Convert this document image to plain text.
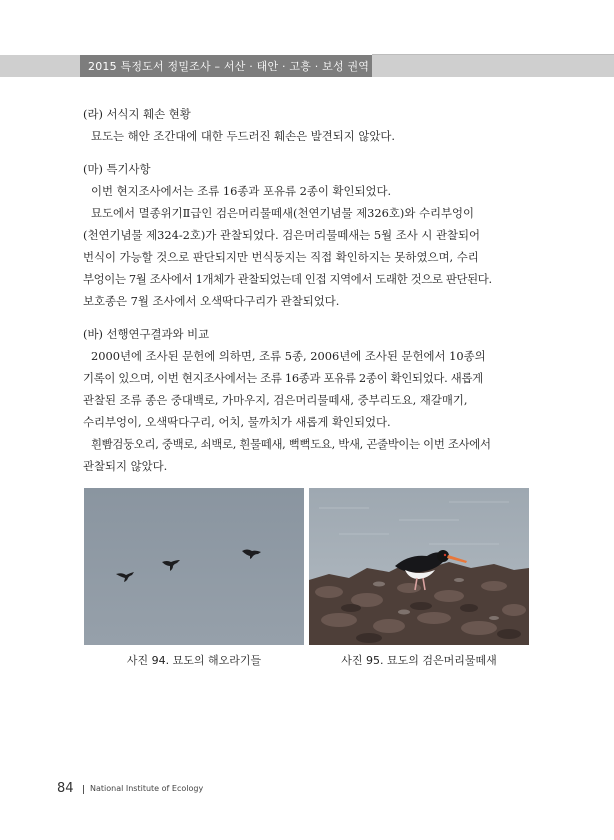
2015 특정도서 정밀조사 – 서산 · 태안 · 고흥 · 보성 권역
(라) 서식지 훼손 현황
묘도는 해안 조간대에 대한 두드러진 훼손은 발견되지 않았다.
(마) 특기사항
이번 현지조사에서는 조류 16종과 포유류 2종이 확인되었다.
묘도에서 멸종위기Ⅱ급인 검은머리물떼새(천연기념물 제326호)와 수리부엉이
(천연기념물 제324-2호)가 관찰되었다. 검은머리물떼새는 5월 조사 시 관찰되어
번식이 가능할 것으로 판단되지만 번식둥지는 직접 확인하지는 못하였으며, 수리
부엉이는 7월 조사에서 1개체가 관찰되었는데 인접 지역에서 도래한 것으로 판단된다.
보호종은 7월 조사에서 오색딱다구리가 관찰되었다.
(바) 선행연구결과와 비교
2000년에 조사된 문헌에 의하면, 조류 5종, 2006년에 조사된 문헌에서 10종의
기록이 있으며, 이번 현지조사에서는 조류 16종과 포유류 2종이 확인되었다. 새롭게
관찰된 조류 종은 중대백로, 가마우지, 검은머리물떼새, 중부리도요, 재갈매기,
수리부엉이, 오색딱다구리, 어치, 물까치가 새롭게 확인되었다.
흰빰검둥오리, 중백로, 쇠백로, 흰물떼새, 뻑뻑도요, 박새, 곤줄박이는 이번 조사에서
관찰되지 않았다.
사진 94. 묘도의 해오라기들	사진 95. 묘도의 검은머리물떼새
84 National Institute of Ecology
